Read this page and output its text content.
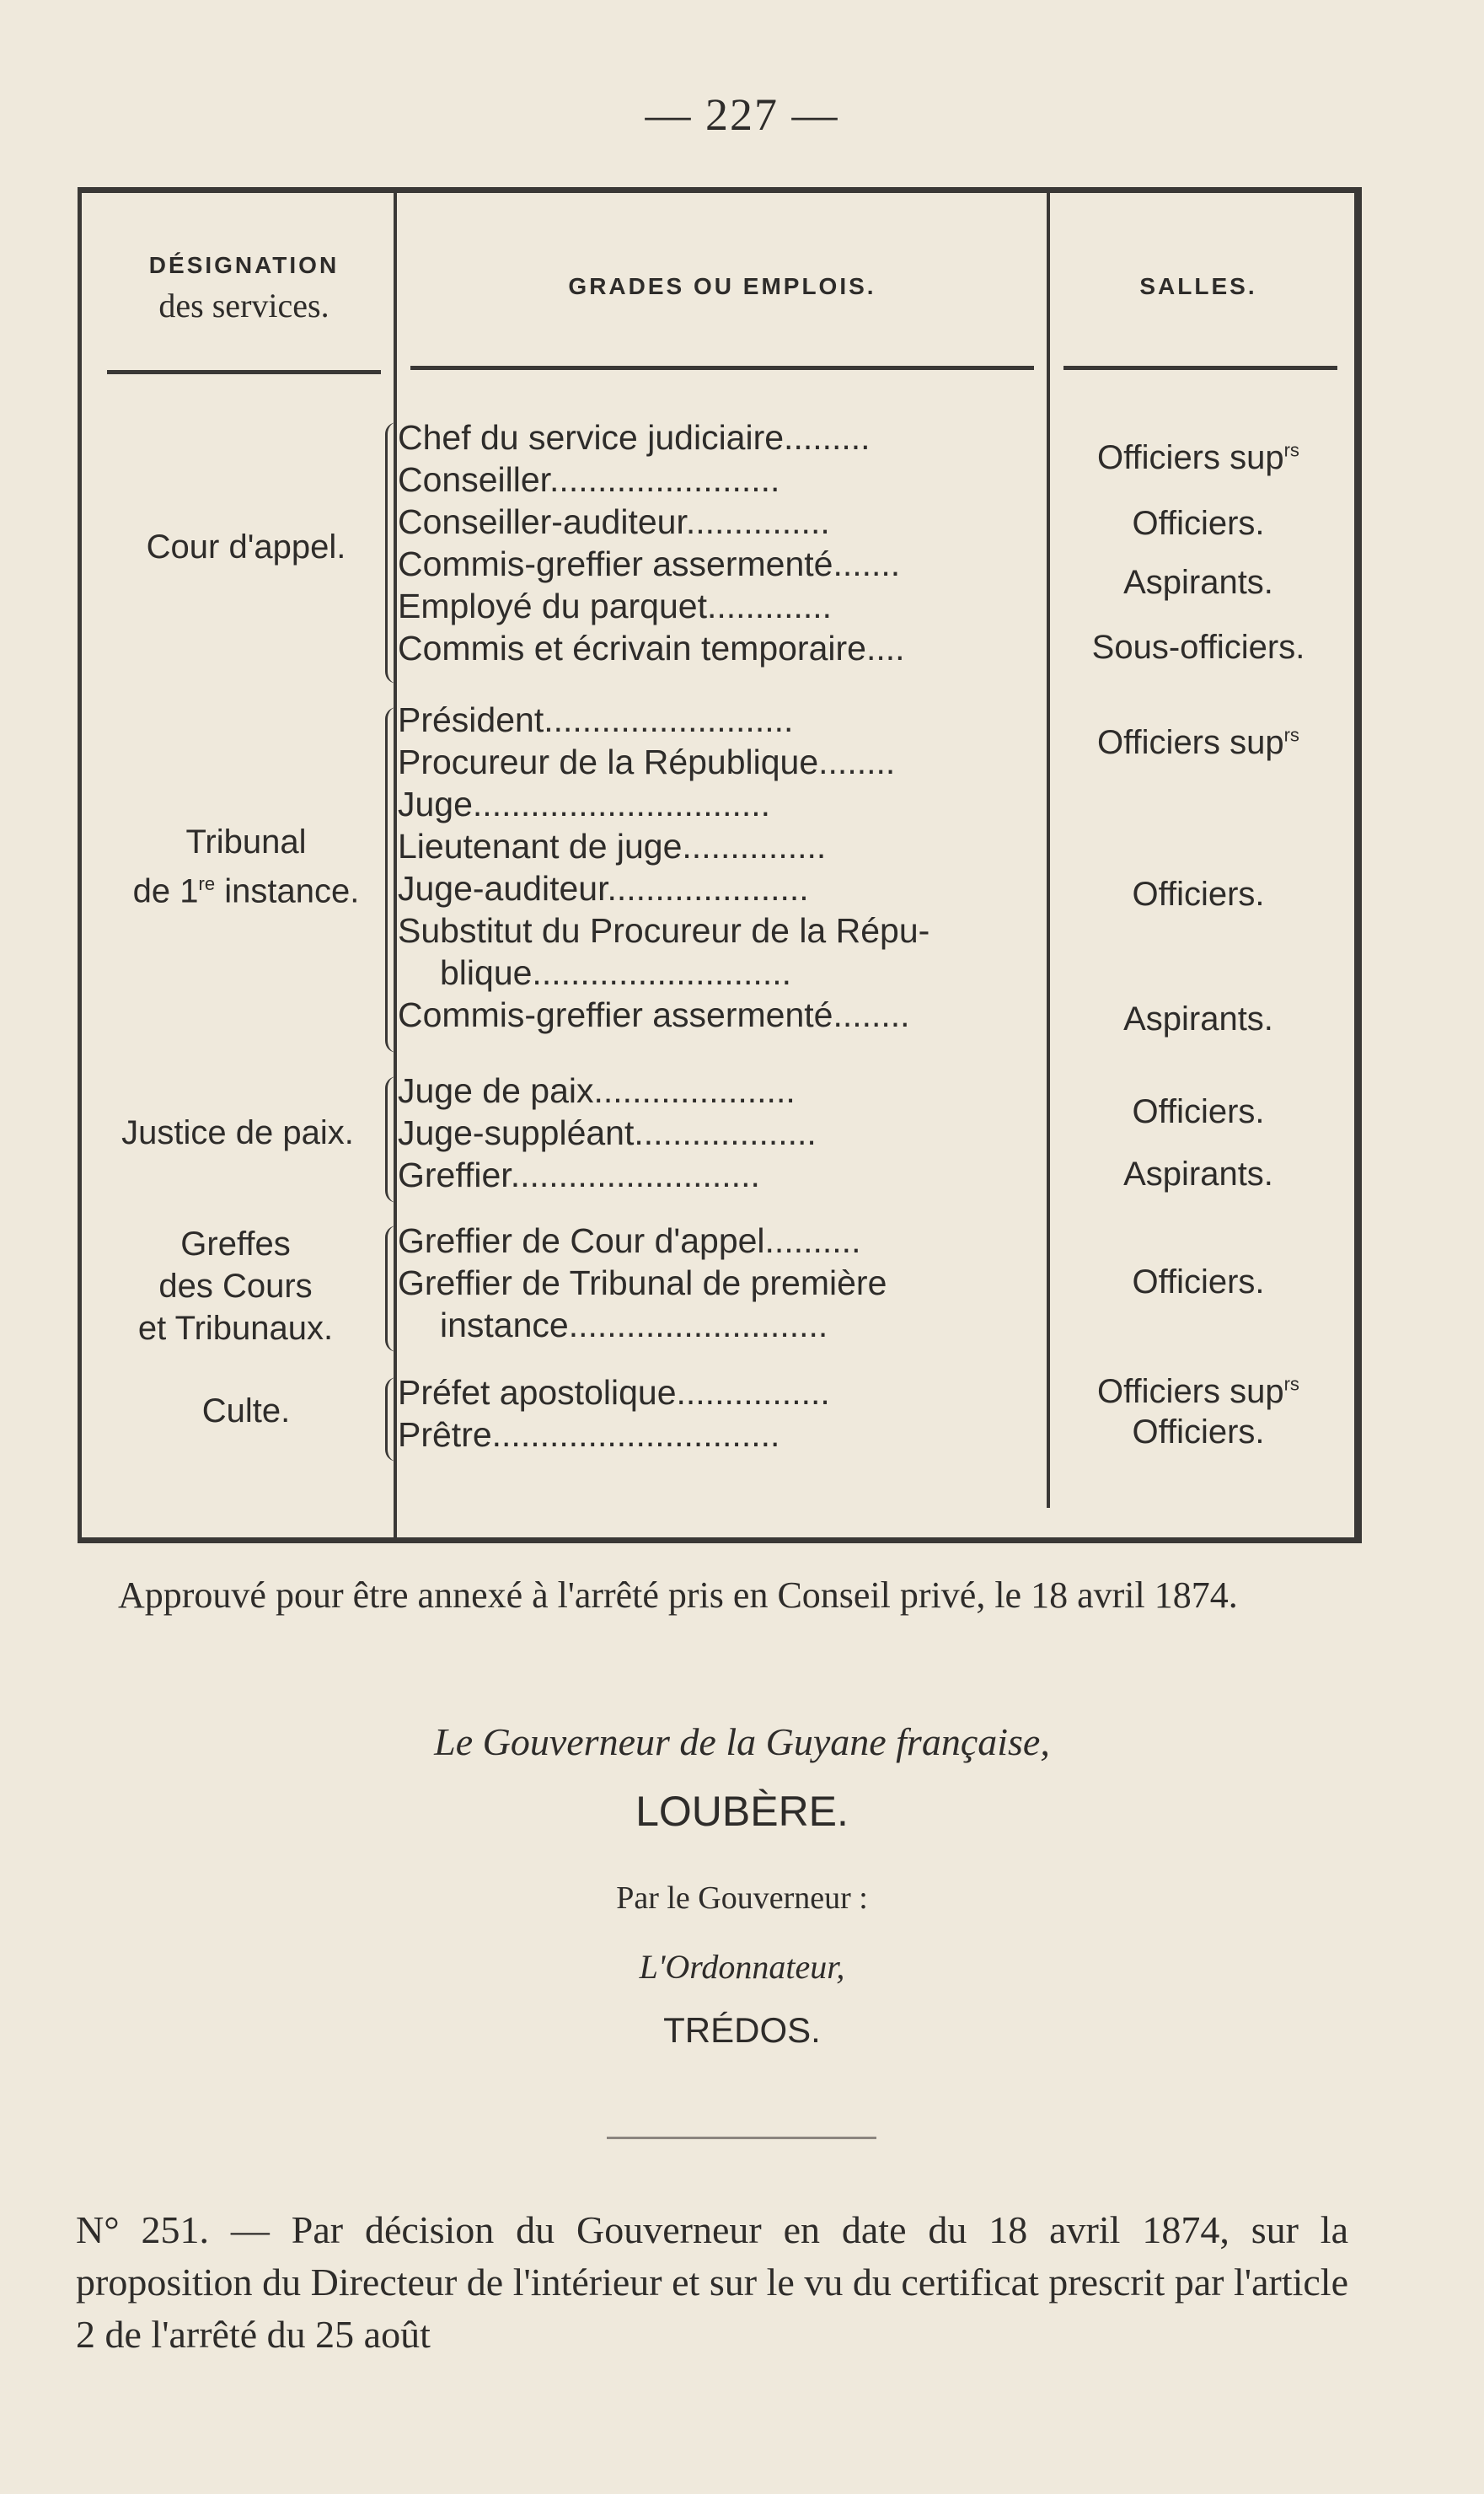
— 227 —
DÉSIGNATION
des services.
GRADES OU EMPLOIS.	SALLES.
Cour d'appel.
Chef du service judiciaire.........
Conseiller........................
Conseiller-auditeur...............
Commis-greffier assermenté.......
Employé du parquet.............
Commis et écrivain temporaire....
Officiers sup$^{rs}$
Officiers.
Aspirants.
Sous-officiers.
Tribunal
de 1re instance.
Président..........................
Procureur de la République........
Juge...............................
Lieutenant de juge...............
Juge-auditeur.....................
Substitut du Procureur de la Répu-
blique...........................
Commis-greffier assermenté........
Officiers sup$^{rs}$
Officiers.
Aspirants.
Justice de paix.
Juge de paix.....................
Juge-suppléant...................
Greffier..........................
Officiers.
Aspirants.
Greffes
des Cours
et Tribunaux.
Greffier de Cour d'appel..........
Greffier de Tribunal de première
instance...........................
Officiers.
Culte.	Préfet apostolique................
Prêtre..............................
Officiers sup$^{rs}$
Officiers.
Approuvé pour être annexé à l'arrêté pris en Conseil privé, le 18 avril 1874.
Le Gouverneur de la Guyane française,
LOUBÈRE.
Par le Gouverneur :
L'Ordonnateur,
TRÉDOS.
N° 251. — Par décision du Gouverneur en date du 18 avril 1874, sur la proposition du Directeur de l'intérieur et sur le vu du certificat prescrit par l'article 2 de l'arrêté du 25 août
